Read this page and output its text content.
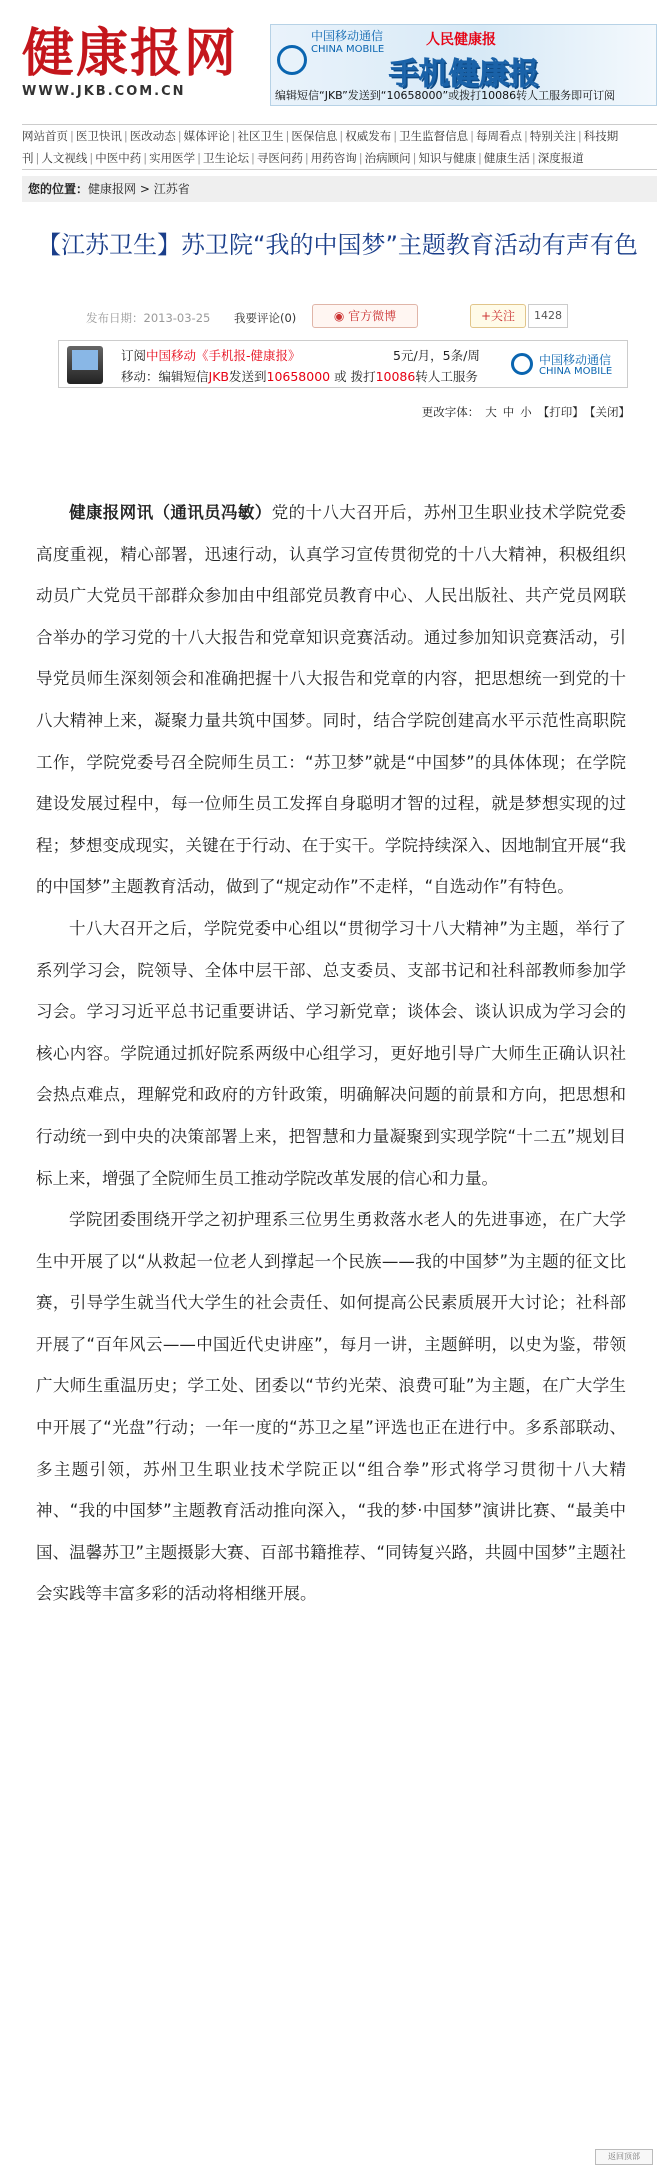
健康报网
WWW.JKB.COM.CN
中国移动通信
CHINA MOBILE
人民健康报
手机健康报
编辑短信“JKB”发送到“10658000”或拨打10086转人工服务即可订阅
网站首页 | 医卫快讯 | 医改动态 | 媒体评论 | 社区卫生 | 医保信息 | 权威发布 | 卫生监督信息 | 每周看点 | 特别关注 | 科技期
刊 | 人文视线 | 中医中药 | 实用医学 | 卫生论坛 | 寻医问药 | 用药咨询 | 治病顾问 | 知识与健康 | 健康生活 | 深度报道
您的位置：健康报网 > 江苏省
【江苏卫生】苏卫院“我的中国梦”主题教育活动有声有色
发布日期：2013-03-25 我要评论(0)	◉ 官方微博	+关注	1428
订阅中国移动《手机报-健康报》	5元/月，5条/周
移动：编辑短信JKB发送到10658000 或 拨打10086转人工服务
中国移动通信
CHINA MOBILE
更改字体： 大 中 小 【打印】 【关闭】

健康报网讯（通讯员冯敏）党的十八大召开后，苏州卫生职业技术学院党委高度重视，精心部署，迅速行动，认真学习宣传贯彻党的十八大精神，积极组织动员广大党员干部群众参加由中组部党员教育中心、人民出版社、共产党员网联合举办的学习党的十八大报告和党章知识竞赛活动。通过参加知识竞赛活动，引导党员师生深刻领会和准确把握十八大报告和党章的内容，把思想统一到党的十八大精神上来，凝聚力量共筑中国梦。同时，结合学院创建高水平示范性高职院工作，学院党委号召全院师生员工：“苏卫梦”就是“中国梦”的具体体现；在学院建设发展过程中，每一位师生员工发挥自身聪明才智的过程，就是梦想实现的过程；梦想变成现实，关键在于行动、在于实干。学院持续深入、因地制宜开展“我的中国梦”主题教育活动，做到了“规定动作”不走样，“自选动作”有特色。

十八大召开之后，学院党委中心组以“贯彻学习十八大精神”为主题，举行了系列学习会，院领导、全体中层干部、总支委员、支部书记和社科部教师参加学习会。学习习近平总书记重要讲话、学习新党章；谈体会、谈认识成为学习会的核心内容。学院通过抓好院系两级中心组学习，更好地引导广大师生正确认识社会热点难点，理解党和政府的方针政策，明确解决问题的前景和方向，把思想和行动统一到中央的决策部署上来，把智慧和力量凝聚到实现学院“十二五”规划目标上来，增强了全院师生员工推动学院改革发展的信心和力量。

学院团委围绕开学之初护理系三位男生勇救落水老人的先进事迹，在广大学生中开展了以“从救起一位老人到撑起一个民族——我的中国梦”为主题的征文比赛，引导学生就当代大学生的社会责任、如何提高公民素质展开大讨论；社科部开展了“百年风云——中国近代史讲座”，每月一讲，主题鲜明，以史为鉴，带领广大师生重温历史；学工处、团委以“节约光荣、浪费可耻”为主题，在广大学生中开展了“光盘”行动；一年一度的“苏卫之星”评选也正在进行中。多系部联动、多主题引领，苏州卫生职业技术学院正以“组合拳”形式将学习贯彻十八大精神、“我的中国梦”主题教育活动推向深入，“我的梦·中国梦”演讲比赛、“最美中国、温馨苏卫”主题摄影大赛、百部书籍推荐、“同铸复兴路，共圆中国梦”主题社会实践等丰富多彩的活动将相继开展。

返回顶部
